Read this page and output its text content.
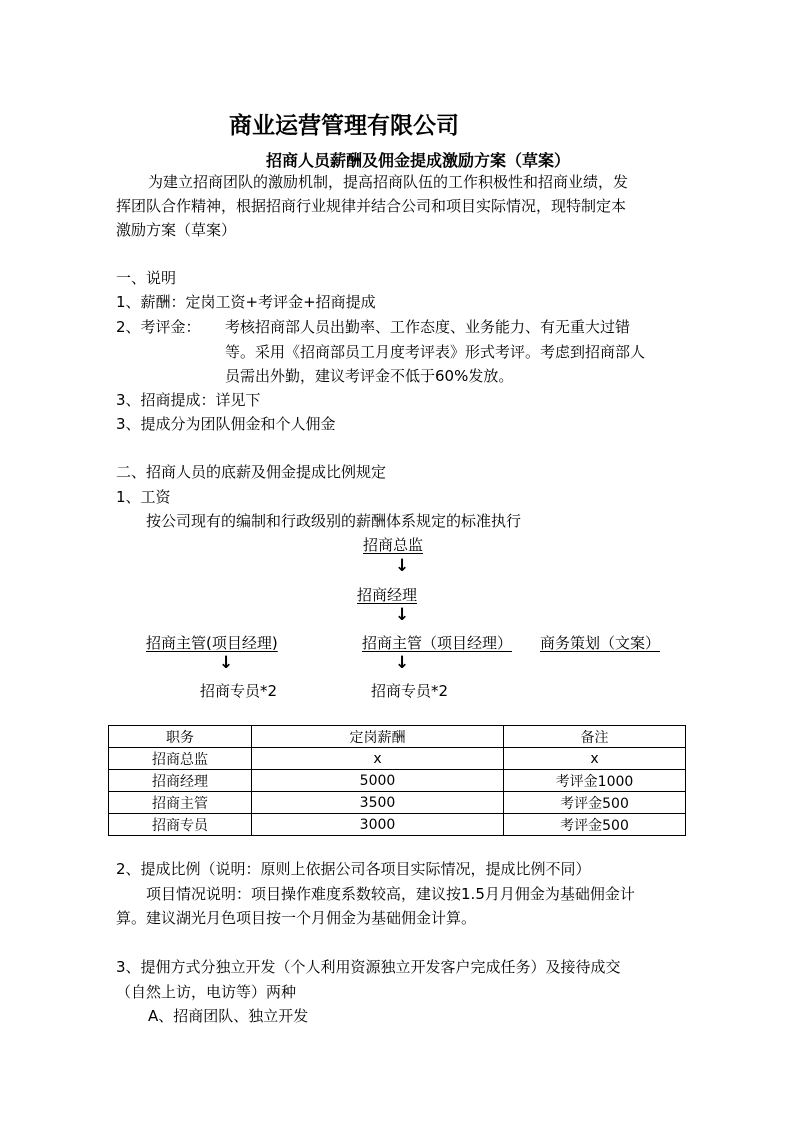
商业运营管理有限公司
招商人员薪酬及佣金提成激励方案（草案）
为建立招商团队的激励机制，提高招商队伍的工作积极性和招商业绩，发
挥团队合作精神，根据招商行业规律并结合公司和项目实际情况，现特制定本
激励方案（草案）
一、说明
1、薪酬：定岗工资+考评金+招商提成
2、考评金： 考核招商部人员出勤率、工作态度、业务能力、有无重大过错
等。采用《招商部员工月度考评表》形式考评。考虑到招商部人
员需出外勤，建议考评金不低于60%发放。
3、招商提成：详见下
3、提成分为团队佣金和个人佣金
二、招商人员的底薪及佣金提成比例规定
1、工资
按公司现有的编制和行政级别的薪酬体系规定的标准执行
招商总监
↓
招商经理
↓
招商主管(项目经理)	招商主管（项目经理） 商务策划（文案）
↓	↓
招商专员*2	招商专员*2
职务	定岗薪酬	备注
招商总监	x	x
招商经理	5000	考评金1000
招商主管	3500	考评金500
招商专员	3000	考评金500
2、提成比例（说明：原则上依据公司各项目实际情况，提成比例不同）
项目情况说明：项目操作难度系数较高，建议按1.5月月佣金为基础佣金计
算。建议湖光月色项目按一个月佣金为基础佣金计算。
3、提佣方式分独立开发（个人利用资源独立开发客户完成任务）及接待成交
（自然上访，电访等）两种
A、招商团队、独立开发
